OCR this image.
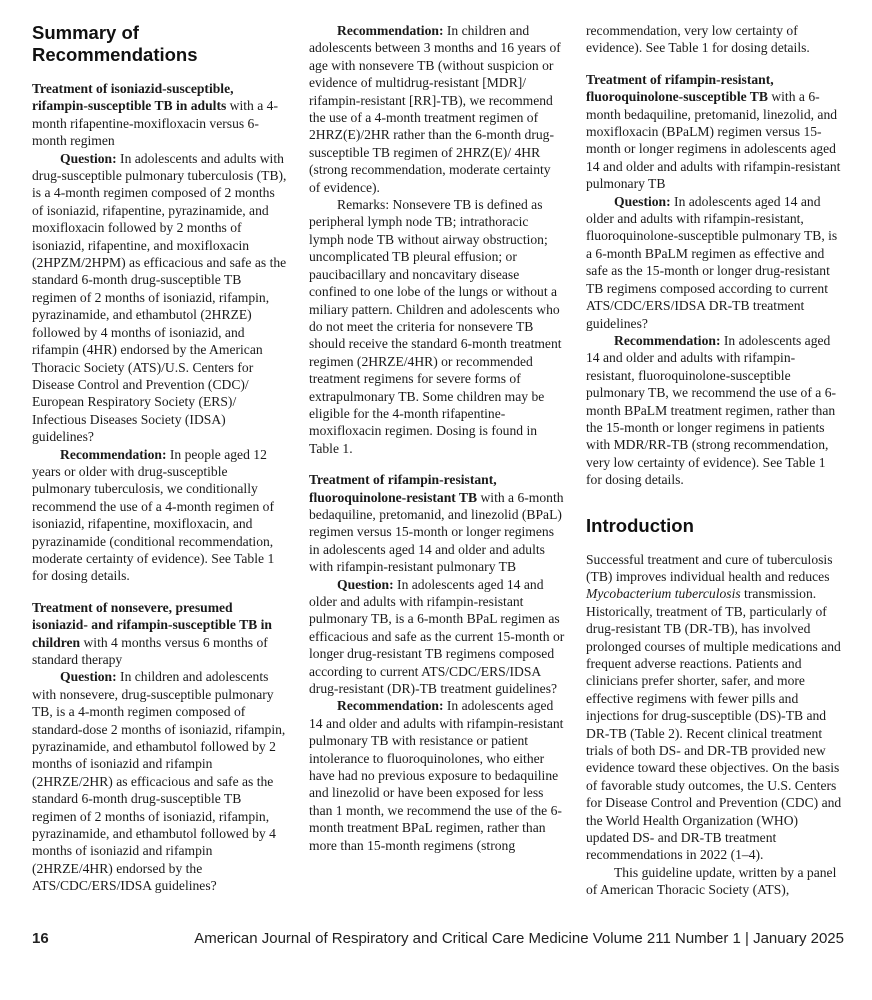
Summary of Recommendations

Treatment of isoniazid-susceptible, rifampin-susceptible TB in adults with a 4-month rifapentine-moxifloxacin versus 6-month regimen

Question: In adolescents and adults with drug-susceptible pulmonary tuberculosis (TB), is a 4-month regimen composed of 2 months of isoniazid, rifapentine, pyrazinamide, and moxifloxacin followed by 2 months of isoniazid, rifapentine, and moxifloxacin (2HPZM/2HPM) as efficacious and safe as the standard 6-month drug-susceptible TB regimen of 2 months of isoniazid, rifampin, pyrazinamide, and ethambutol (2HRZE) followed by 4 months of isoniazid, and rifampin (4HR) endorsed by the American Thoracic Society (ATS)/U.S. Centers for Disease Control and Prevention (CDC)/ European Respiratory Society (ERS)/ Infectious Diseases Society (IDSA) guidelines?

Recommendation: In people aged 12 years or older with drug-susceptible pulmonary tuberculosis, we conditionally recommend the use of a 4-month regimen of isoniazid, rifapentine, moxifloxacin, and pyrazinamide (conditional recommendation, moderate certainty of evidence). See Table 1 for dosing details.

Treatment of nonsevere, presumed isoniazid- and rifampin-susceptible TB in children with 4 months versus 6 months of standard therapy

Question: In children and adolescents with nonsevere, drug-susceptible pulmonary TB, is a 4-month regimen composed of standard-dose 2 months of isoniazid, rifampin, pyrazinamide, and ethambutol followed by 2 months of isoniazid and rifampin (2HRZE/2HR) as efficacious and safe as the standard 6-month drug-susceptible TB regimen of 2 months of isoniazid, rifampin, pyrazinamide, and ethambutol followed by 4 months of isoniazid and rifampin (2HRZE/4HR) endorsed by the ATS/CDC/ERS/IDSA guidelines?

Recommendation: In children and adolescents between 3 months and 16 years of age with nonsevere TB (without suspicion or evidence of multidrug-resistant [MDR]/ rifampin-resistant [RR]-TB), we recommend the use of a 4-month treatment regimen of 2HRZ(E)/2HR rather than the 6-month drug-susceptible TB regimen of 2HRZ(E)/ 4HR (strong recommendation, moderate certainty of evidence).

Remarks: Nonsevere TB is defined as peripheral lymph node TB; intrathoracic lymph node TB without airway obstruction; uncomplicated TB pleural effusion; or paucibacillary and noncavitary disease confined to one lobe of the lungs or without a miliary pattern. Children and adolescents who do not meet the criteria for nonsevere TB should receive the standard 6-month treatment regimen (2HRZE/4HR) or recommended treatment regimens for severe forms of extrapulmonary TB. Some children may be eligible for the 4-month rifapentine-moxifloxacin regimen. Dosing is found in Table 1.

Treatment of rifampin-resistant, fluoroquinolone-resistant TB with a 6-month bedaquiline, pretomanid, and linezolid (BPaL) regimen versus 15-month or longer regimens in adolescents aged 14 and older and adults with rifampin-resistant pulmonary TB

Question: In adolescents aged 14 and older and adults with rifampin-resistant pulmonary TB, is a 6-month BPaL regimen as efficacious and safe as the current 15-month or longer drug-resistant TB regimens composed according to current ATS/CDC/ERS/IDSA drug-resistant (DR)-TB treatment guidelines?

Recommendation: In adolescents aged 14 and older and adults with rifampin-resistant pulmonary TB with resistance or patient intolerance to fluoroquinolones, who either have had no previous exposure to bedaquiline and linezolid or have been exposed for less than 1 month, we recommend the use of the 6-month treatment BPaL regimen, rather than more than 15-month regimens (strong

recommendation, very low certainty of evidence). See Table 1 for dosing details.

Treatment of rifampin-resistant, fluoroquinolone-susceptible TB with a 6-month bedaquiline, pretomanid, linezolid, and moxifloxacin (BPaLM) regimen versus 15-month or longer regimens in adolescents aged 14 and older and adults with rifampin-resistant pulmonary TB

Question: In adolescents aged 14 and older and adults with rifampin-resistant, fluoroquinolone-susceptible pulmonary TB, is a 6-month BPaLM regimen as effective and safe as the 15-month or longer drug-resistant TB regimens composed according to current ATS/CDC/ERS/IDSA DR-TB treatment guidelines?

Recommendation: In adolescents aged 14 and older and adults with rifampin-resistant, fluoroquinolone-susceptible pulmonary TB, we recommend the use of a 6-month BPaLM treatment regimen, rather than the 15-month or longer regimens in patients with MDR/RR-TB (strong recommendation, very low certainty of evidence). See Table 1 for dosing details.

Introduction

Successful treatment and cure of tuberculosis (TB) improves individual health and reduces Mycobacterium tuberculosis transmission. Historically, treatment of TB, particularly of drug-resistant TB (DR-TB), has involved prolonged courses of multiple medications and frequent adverse reactions. Patients and clinicians prefer shorter, safer, and more effective regimens with fewer pills and injections for drug-susceptible (DS)-TB and DR-TB (Table 2). Recent clinical treatment trials of both DS- and DR-TB provided new evidence toward these objectives. On the basis of favorable study outcomes, the U.S. Centers for Disease Control and Prevention (CDC) and the World Health Organization (WHO) updated DS- and DR-TB treatment recommendations in 2022 (1–4).

This guideline update, written by a panel of American Thoracic Society (ATS),

16	American Journal of Respiratory and Critical Care Medicine Volume 211 Number 1 | January 2025
